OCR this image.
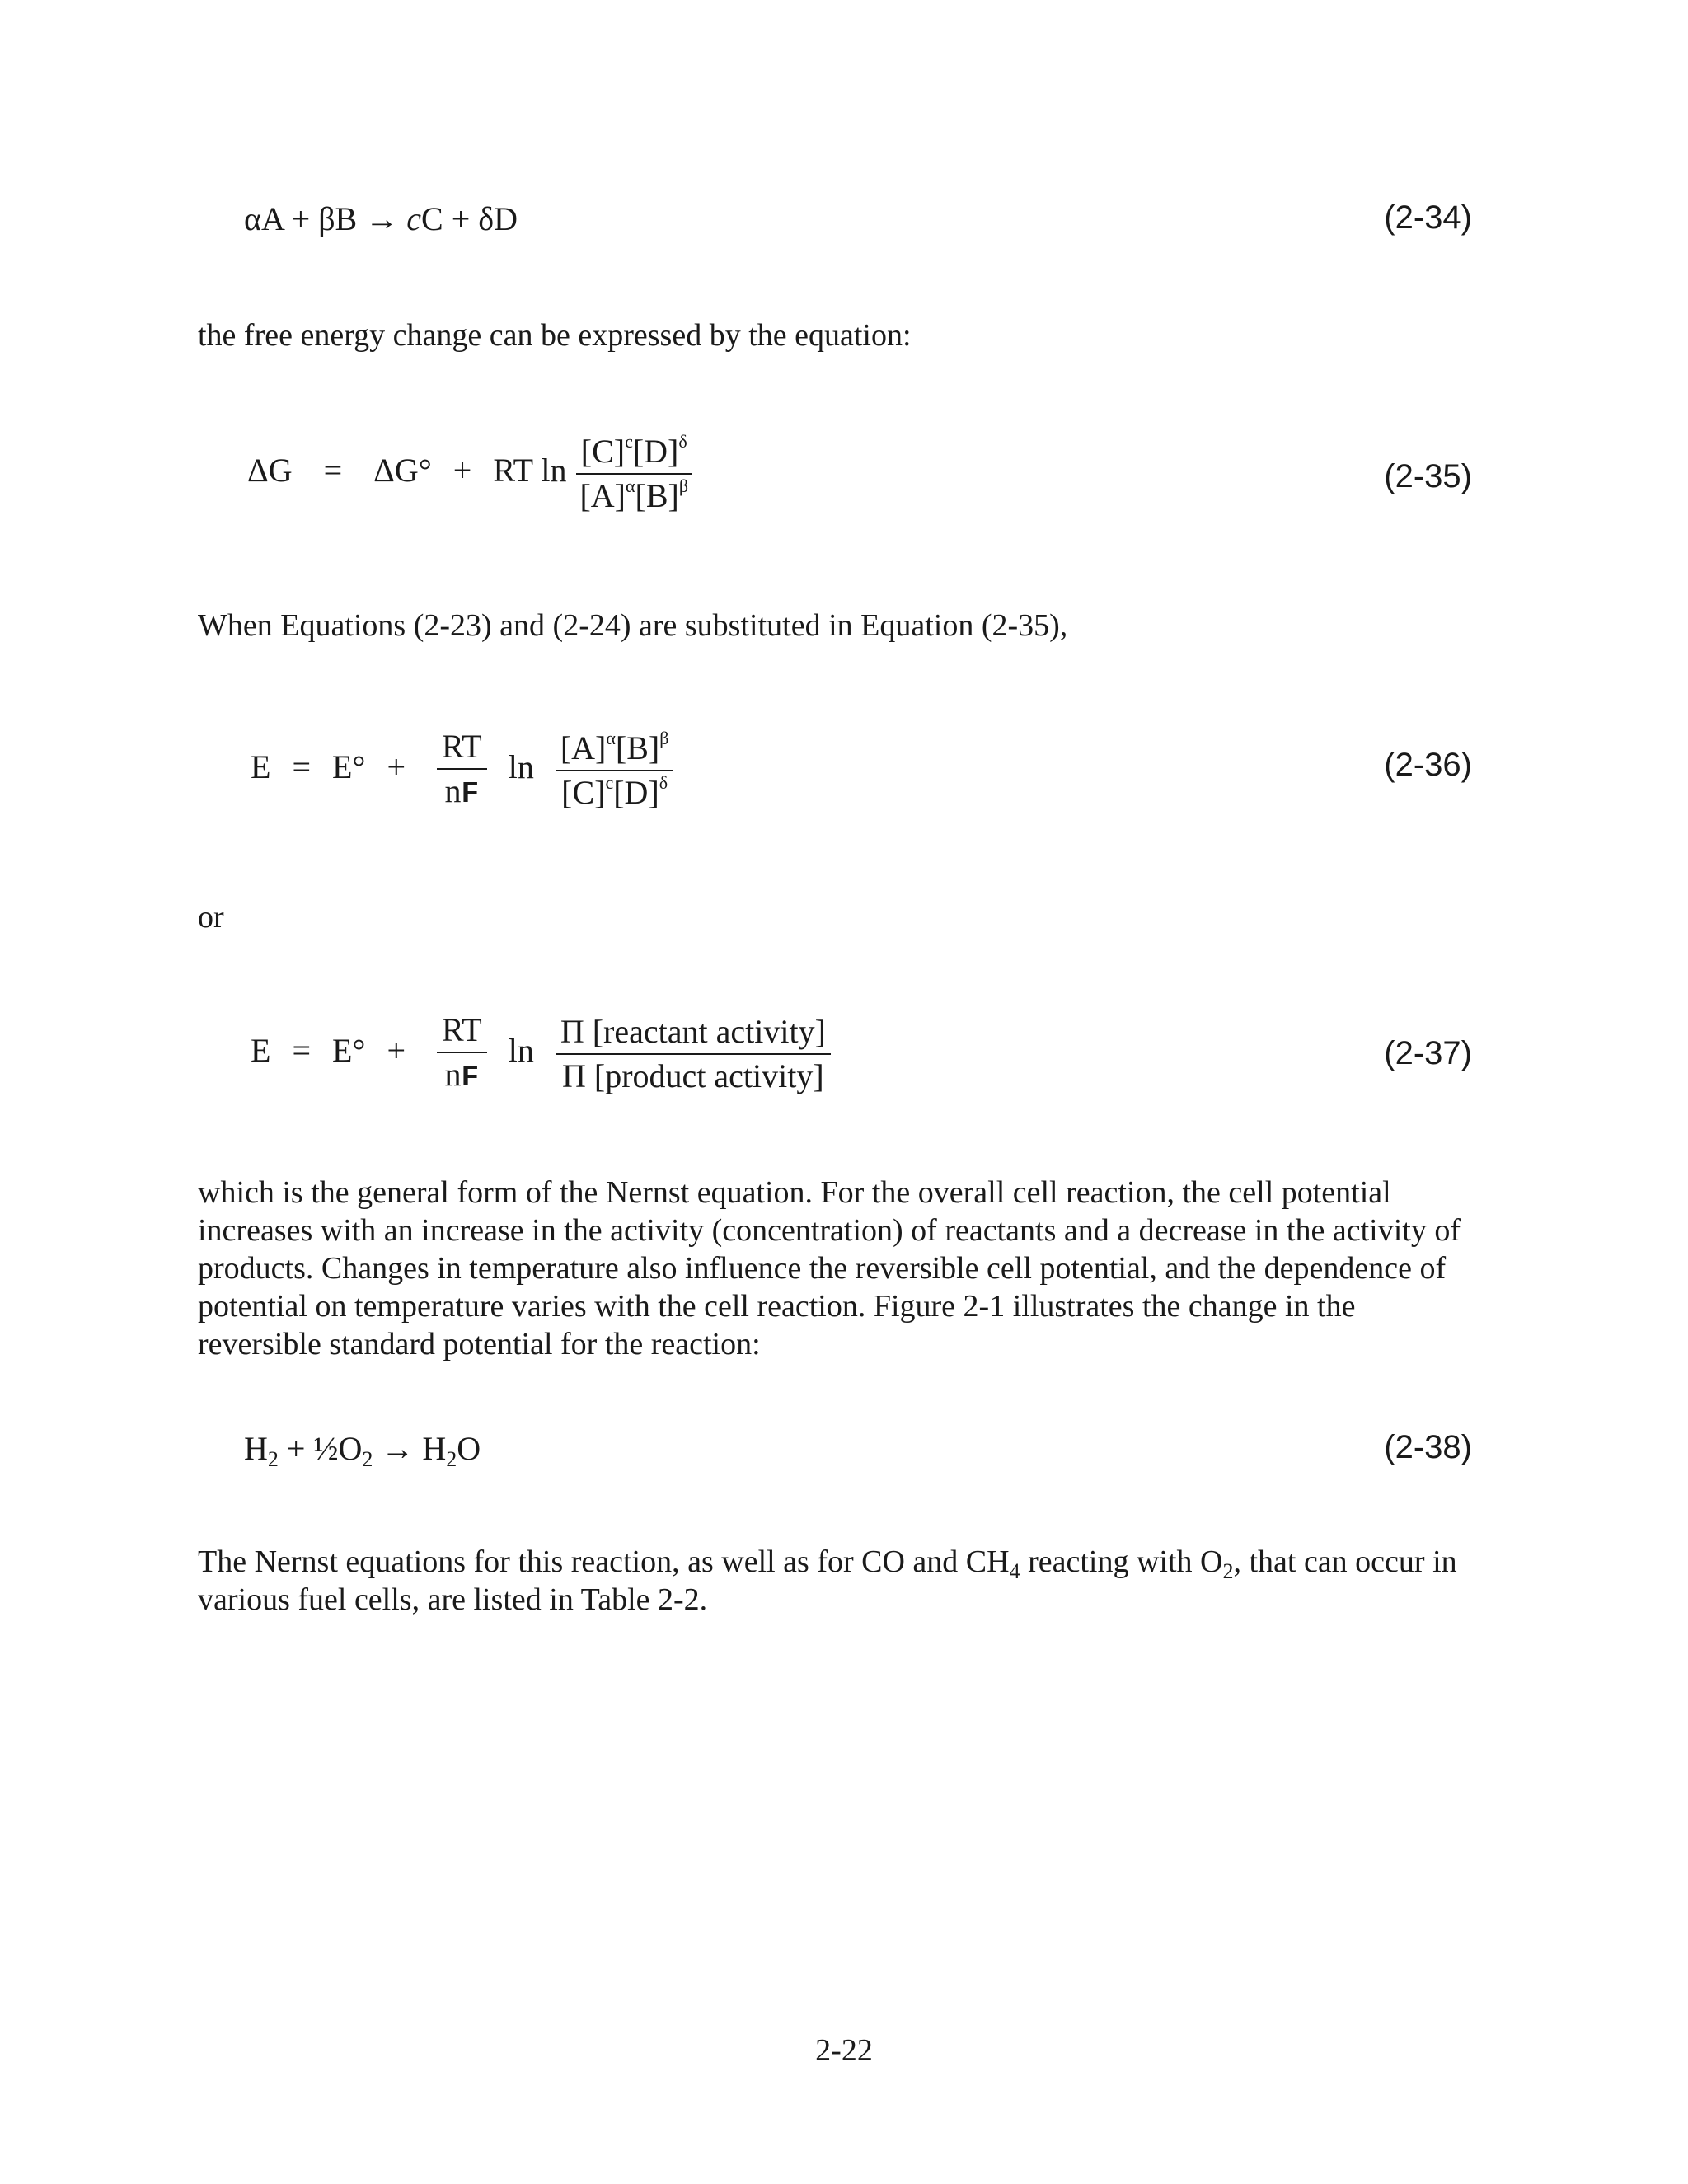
αA + βB → cC + δD	(2-34)
the free energy change can be expressed by the equation:
ΔG = ΔG° + RT $\ln \frac{[C]^c[D]^\delta}{[A]^\alpha[B]^\beta}$	(2-35)
When Equations (2-23) and (2-24) are substituted in Equation (2-35),
$E = E^\circ + \frac{RT}{nF}$ $\ln \frac{[A]^\alpha[B]^\beta}{[C]^c[D]^\delta}$	(2-36)
or
$E = E^\circ + \frac{RT}{nF}$ $\ln \frac{\text{Π [reactant activity]}}{\text{Π [product activity]}}$	(2-37)
which is the general form of the Nernst equation. For the overall cell reaction, the cell potential increases with an increase in the activity (concentration) of reactants and a decrease in the activity of products. Changes in temperature also influence the reversible cell potential, and the dependence of potential on temperature varies with the cell reaction. Figure 2-1 illustrates the change in the reversible standard potential for the reaction:
$H_2$ + $\frac{1}{2}O_2 \to H_2O$	(2-38)
The Nernst equations for this reaction, as well as for CO and $CH_4$ reacting with $O_2$, that can occur in various fuel cells, are listed in Table 2-2.
2-22
